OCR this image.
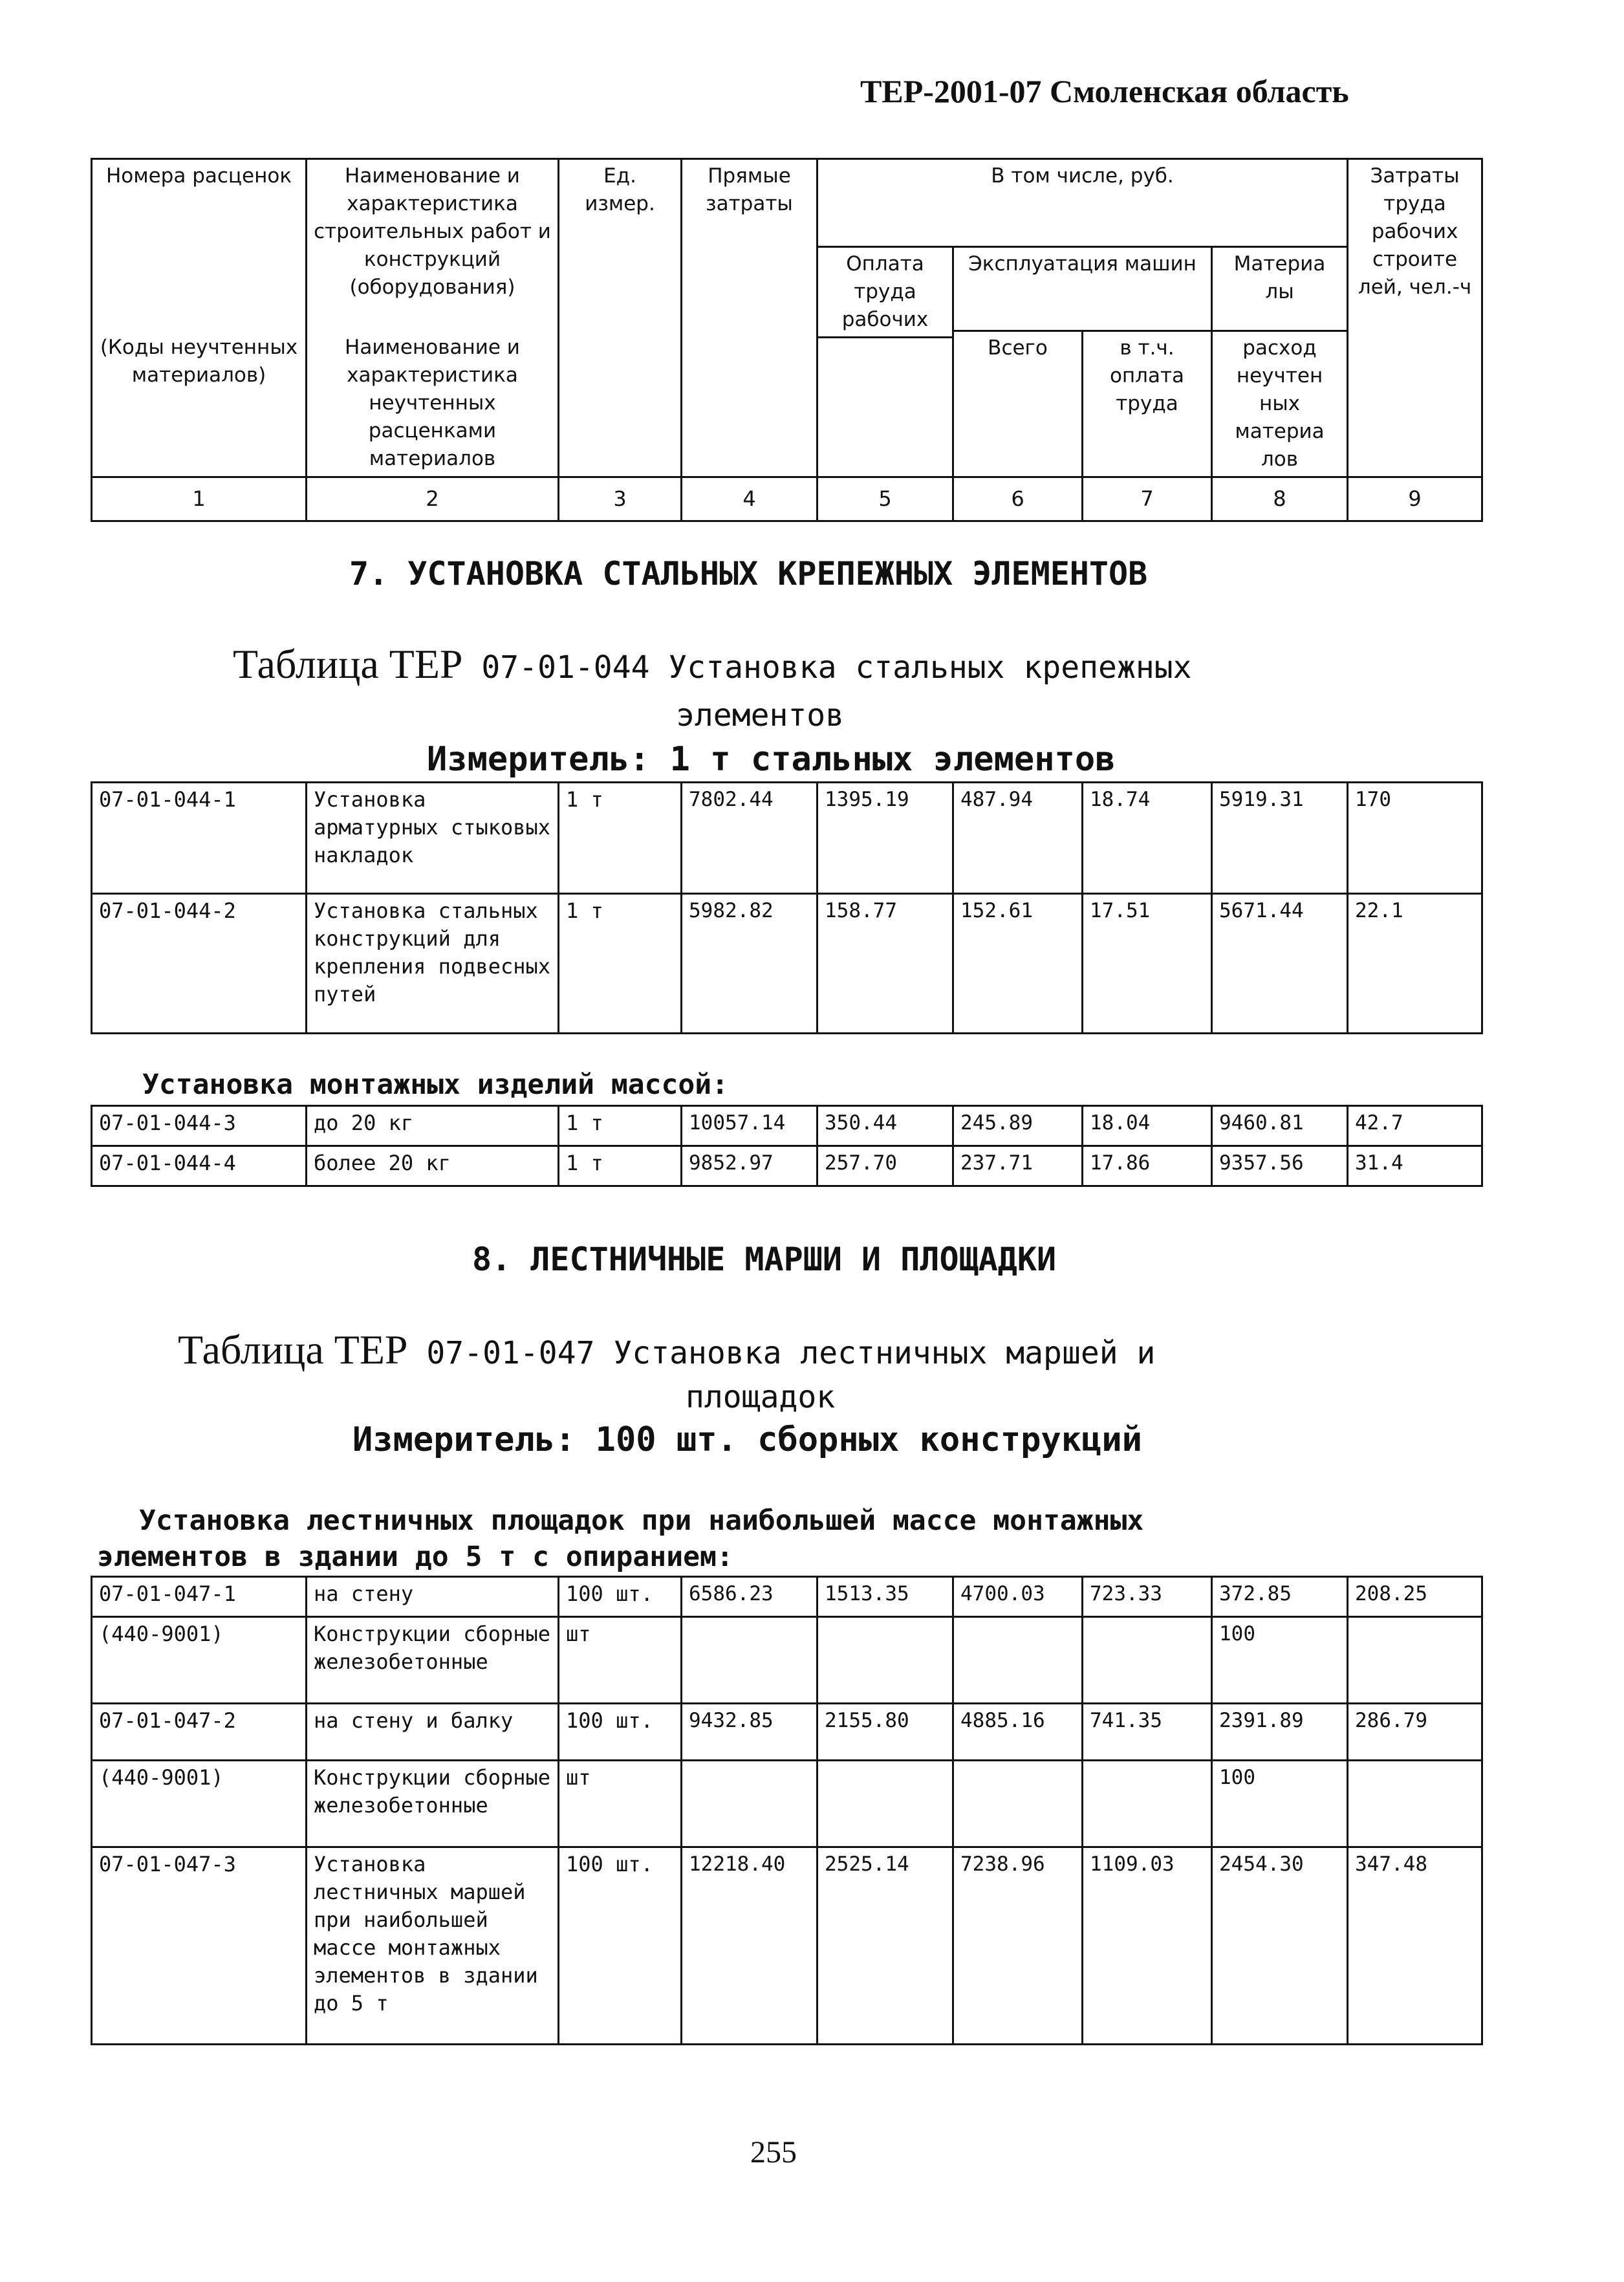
ТЕР-2001-07 Смоленская область
Номера расценок	Наименование и характеристика строительных работ и конструкций (оборудования)	Ед. измер.	Прямые затраты	В том числе, руб.				Затраты труда рабочих строите лей, чел.-ч
				Оплата труда рабочих	Эксплуатация машин		Материа лы	
(Коды неучтенных материалов)	Наименование и характеристика неучтенных расценками материалов				Всего	в т.ч. оплата труда	расход неучтен ных материа лов	

1	2	3	4	5	6	7	8	9
7. УСТАНОВКА СТАЛЬНЫХ КРЕПЕЖНЫХ ЭЛЕМЕНТОВ
Таблица ТЕР 07-01-044 Установка стальных крепежных
элементов
Измеритель: 1 т стальных элементов
07-01-044-1	Установка арматурных стыковых накладок	1 т	7802.44	1395.19	487.94	18.74	5919.31	170
07-01-044-2	Установка стальных конструкций для крепления подвесных путей	1 т	5982.82	158.77	152.61	17.51	5671.44	22.1
Установка монтажных изделий массой:
07-01-044-3	до 20 кг	1 т	10057.14	350.44	245.89	18.04	9460.81	42.7
07-01-044-4	более 20 кг	1 т	9852.97	257.70	237.71	17.86	9357.56	31.4
8. ЛЕСТНИЧНЫЕ МАРШИ И ПЛОЩАДКИ
Таблица ТЕР 07-01-047 Установка лестничных маршей и
площадок
Измеритель: 100 шт. сборных конструкций
Установка лестничных площадок при наибольшей массе монтажных
элементов в здании до 5 т с опиранием:
07-01-047-1	на стену	100 шт.	6586.23	1513.35	4700.03	723.33	372.85	208.25
(440-9001)	Конструкции сборные железобетонные	шт					100	
07-01-047-2	на стену и балку	100 шт.	9432.85	2155.80	4885.16	741.35	2391.89	286.79
(440-9001)	Конструкции сборные железобетонные	шт					100	
07-01-047-3	Установка лестничных маршей при наибольшей массе монтажных элементов в здании до 5 т	100 шт.	12218.40	2525.14	7238.96	1109.03	2454.30	347.48
255
